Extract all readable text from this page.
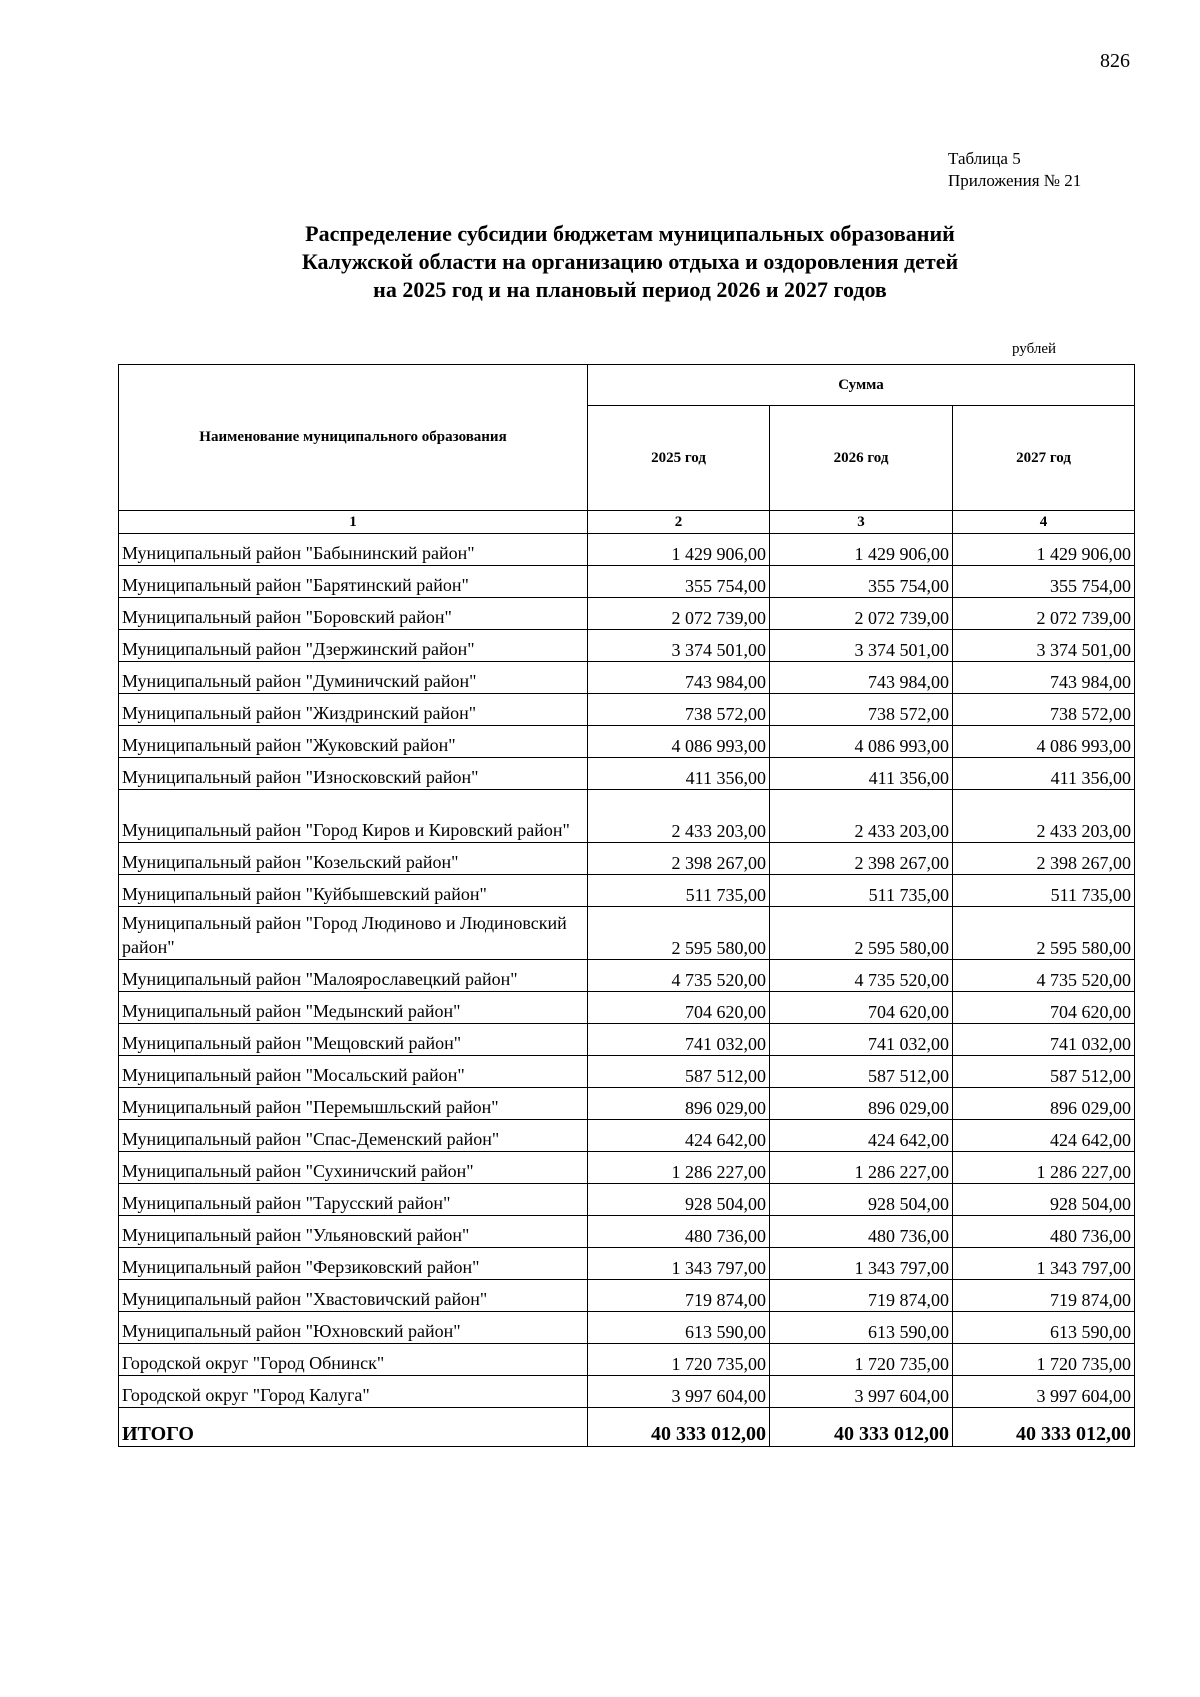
826
Таблица 5
Приложения № 21
Распределение субсидии бюджетам муниципальных образований
Калужской области на организацию отдыха и оздоровления детей
на 2025 год и на плановый период 2026 и 2027 годов
рублей
Наименование муниципального образования	Сумма		
	2025 год	2026 год	2027 год
1	2	3	4
Муниципальный район "Бабынинский район"	1 429 906,00	1 429 906,00	1 429 906,00
Муниципальный район "Барятинский район"	355 754,00	355 754,00	355 754,00
Муниципальный район "Боровский район"	2 072 739,00	2 072 739,00	2 072 739,00
Муниципальный район "Дзержинский район"	3 374 501,00	3 374 501,00	3 374 501,00
Муниципальный район "Думиничский район"	743 984,00	743 984,00	743 984,00
Муниципальный район "Жиздринский район"	738 572,00	738 572,00	738 572,00
Муниципальный район "Жуковский район"	4 086 993,00	4 086 993,00	4 086 993,00
Муниципальный район "Износковский район"	411 356,00	411 356,00	411 356,00
Муниципальный район "Город Киров и Кировский район"	2 433 203,00	2 433 203,00	2 433 203,00
Муниципальный район "Козельский район"	2 398 267,00	2 398 267,00	2 398 267,00
Муниципальный район "Куйбышевский район"	511 735,00	511 735,00	511 735,00
Муниципальный район "Город Людиново и Людиновский район"	2 595 580,00	2 595 580,00	2 595 580,00
Муниципальный район "Малоярославецкий район"	4 735 520,00	4 735 520,00	4 735 520,00
Муниципальный район "Медынский район"	704 620,00	704 620,00	704 620,00
Муниципальный район "Мещовский район"	741 032,00	741 032,00	741 032,00
Муниципальный район "Мосальский район"	587 512,00	587 512,00	587 512,00
Муниципальный район "Перемышльский район"	896 029,00	896 029,00	896 029,00
Муниципальный район "Спас-Деменский район"	424 642,00	424 642,00	424 642,00
Муниципальный район "Сухиничский район"	1 286 227,00	1 286 227,00	1 286 227,00
Муниципальный район "Тарусский район"	928 504,00	928 504,00	928 504,00
Муниципальный район "Ульяновский район"	480 736,00	480 736,00	480 736,00
Муниципальный район "Ферзиковский район"	1 343 797,00	1 343 797,00	1 343 797,00
Муниципальный район "Хвастовичский район"	719 874,00	719 874,00	719 874,00
Муниципальный район "Юхновский район"	613 590,00	613 590,00	613 590,00
Городской округ "Город Обнинск"	1 720 735,00	1 720 735,00	1 720 735,00
Городской округ "Город Калуга"	3 997 604,00	3 997 604,00	3 997 604,00
ИТОГО	40 333 012,00	40 333 012,00	40 333 012,00
